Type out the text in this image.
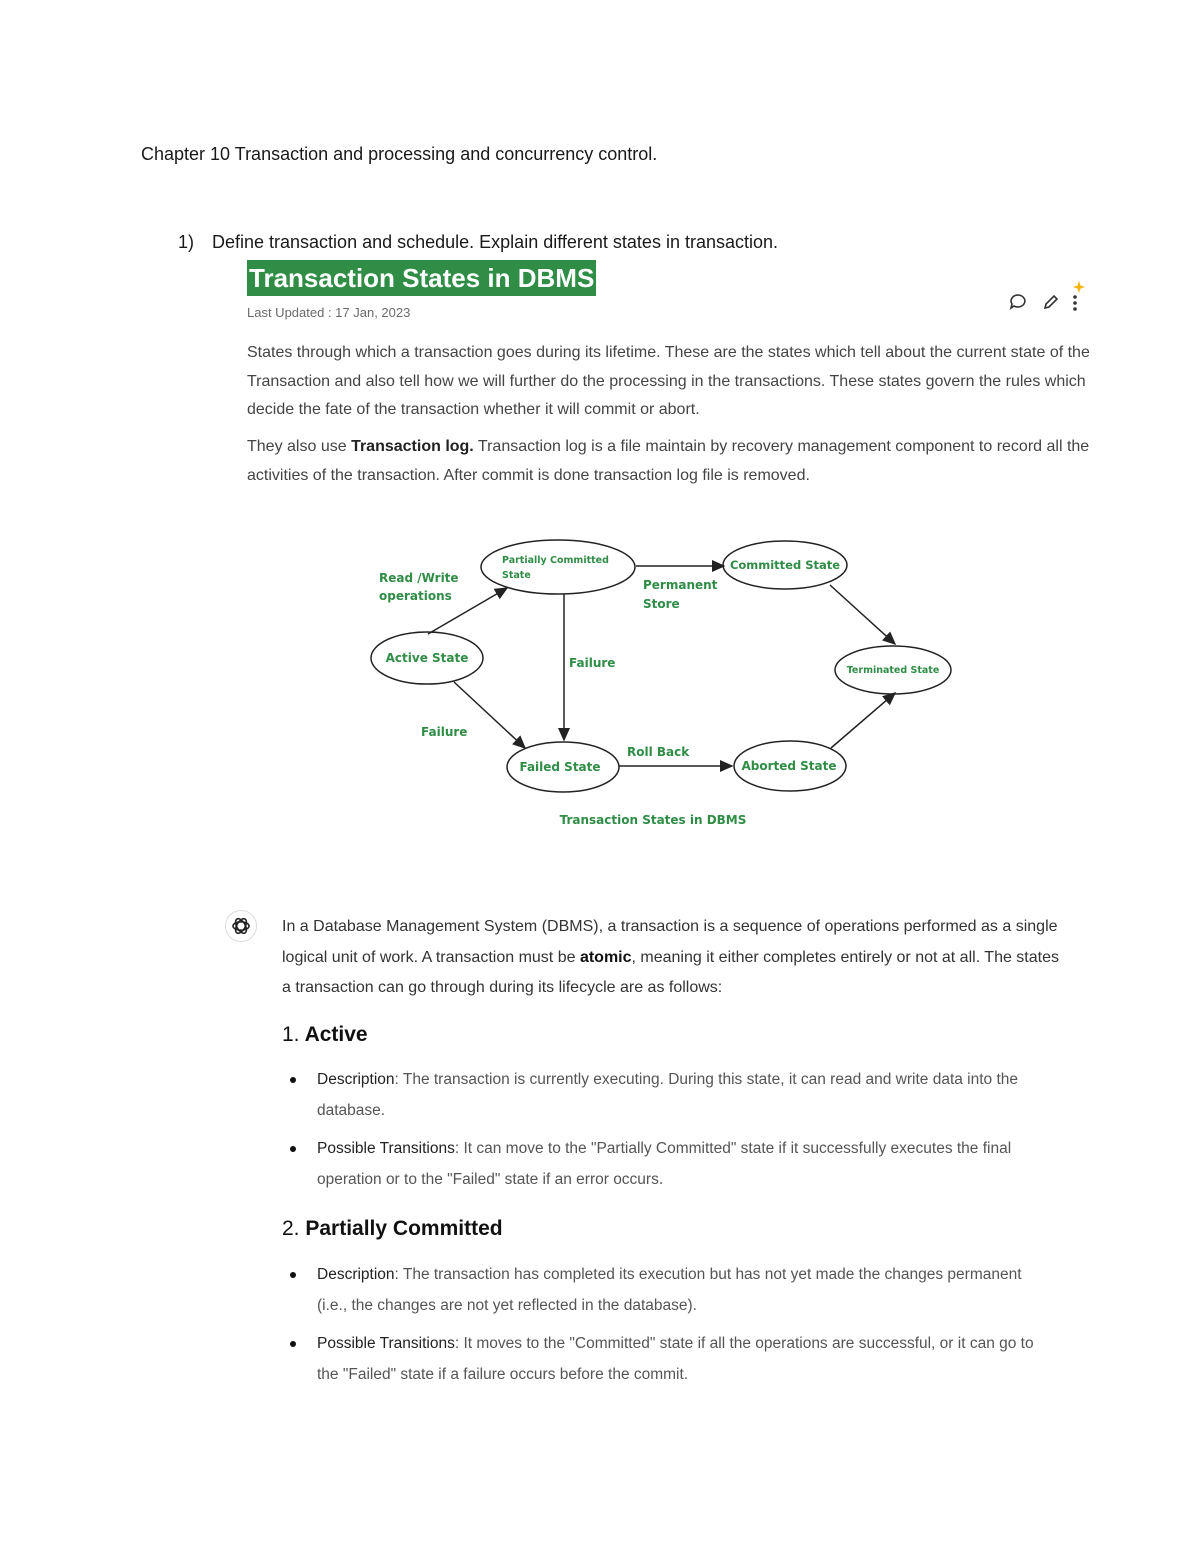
Chapter 10 Transaction and processing and concurrency control.
1) Define transaction and schedule. Explain different states in transaction.
Transaction States in DBMS
Last Updated : 17 Jan, 2023
States through which a transaction goes during its lifetime. These are the states which tell about the current state of the Transaction and also tell how we will further do the processing in the transactions. These states govern the rules which decide the fate of the transaction whether it will commit or abort.
They also use Transaction log. Transaction log is a file maintain by recovery management component to record all the activities of the transaction. After commit is done transaction log file is removed.
Active State
Partially Committed
State
Committed State
Terminated State
Failed State	Aborted State
Read /Write
operations
Permanent
Store
Failure
Failure
Roll Back
Transaction States in DBMS
In a Database Management System (DBMS), a transaction is a sequence of operations performed as a single logical unit of work. A transaction must be atomic, meaning it either completes entirely or not at all. The states a transaction can go through during its lifecycle are as follows:
1. Active
Description: The transaction is currently executing. During this state, it can read and write data into the database.
Possible Transitions: It can move to the "Partially Committed" state if it successfully executes the final operation or to the "Failed" state if an error occurs.
2. Partially Committed
Description: The transaction has completed its execution but has not yet made the changes permanent (i.e., the changes are not yet reflected in the database).
Possible Transitions: It moves to the "Committed" state if all the operations are successful, or it can go to the "Failed" state if a failure occurs before the commit.
